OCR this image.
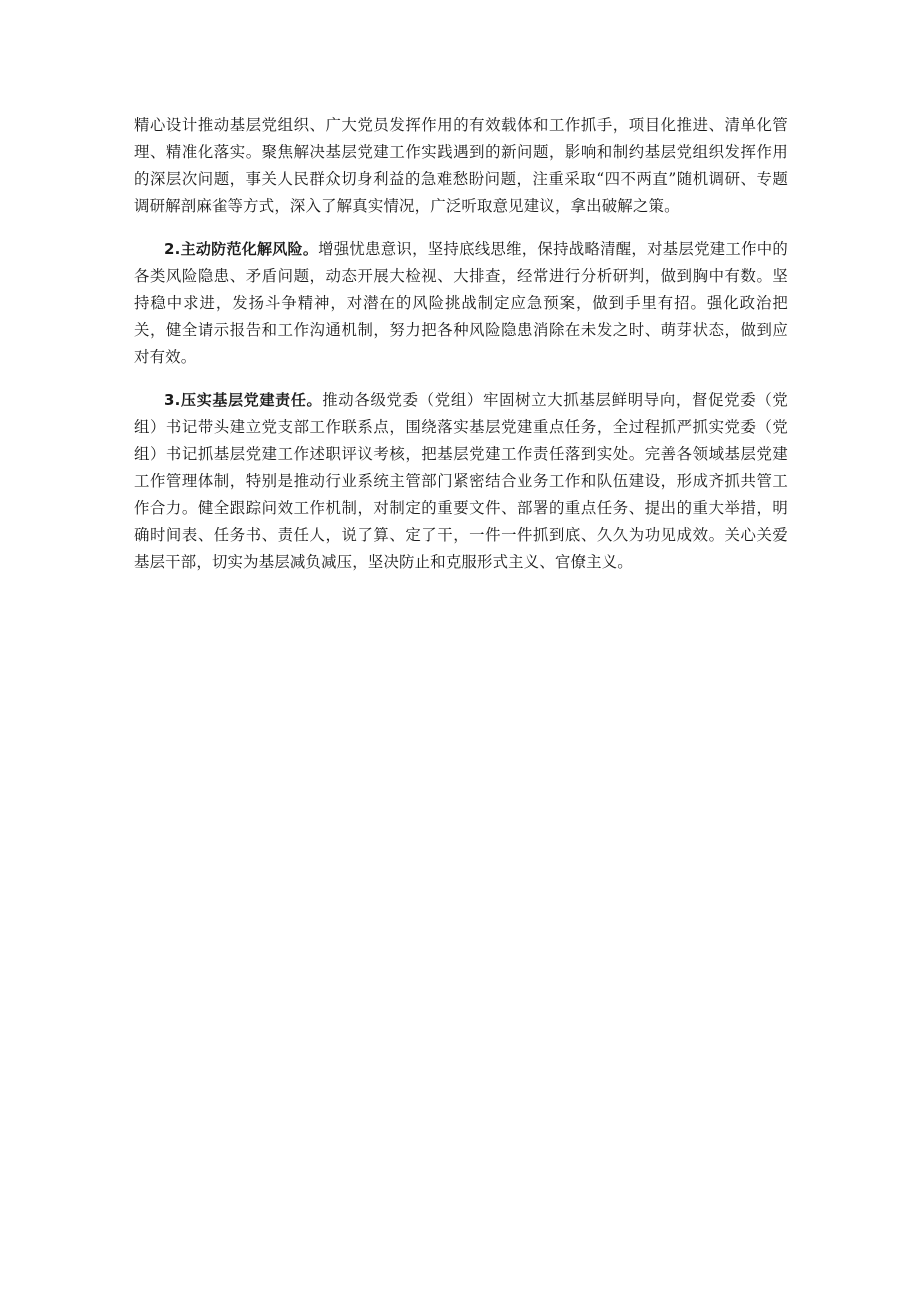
精心设计推动基层党组织、广大党员发挥作用的有效载体和工作抓手，项目化推进、清单化管理、精准化落实。聚焦解决基层党建工作实践遇到的新问题，影响和制约基层党组织发挥作用的深层次问题，事关人民群众切身利益的急难愁盼问题，注重采取“四不两直”随机调研、专题调研解剖麻雀等方式，深入了解真实情况，广泛听取意见建议，拿出破解之策。

2.主动防范化解风险。增强忧患意识，坚持底线思维，保持战略清醒，对基层党建工作中的各类风险隐患、矛盾问题，动态开展大检视、大排查，经常进行分析研判，做到胸中有数。坚持稳中求进，发扬斗争精神，对潜在的风险挑战制定应急预案，做到手里有招。强化政治把关，健全请示报告和工作沟通机制，努力把各种风险隐患消除在未发之时、萌芽状态，做到应对有效。

3.压实基层党建责任。推动各级党委（党组）牢固树立大抓基层鲜明导向，督促党委（党组）书记带头建立党支部工作联系点，围绕落实基层党建重点任务，全过程抓严抓实党委（党组）书记抓基层党建工作述职评议考核，把基层党建工作责任落到实处。完善各领域基层党建工作管理体制，特别是推动行业系统主管部门紧密结合业务工作和队伍建设，形成齐抓共管工作合力。健全跟踪问效工作机制，对制定的重要文件、部署的重点任务、提出的重大举措，明确时间表、任务书、责任人，说了算、定了干，一件一件抓到底、久久为功见成效。关心关爱基层干部，切实为基层减负减压，坚决防止和克服形式主义、官僚主义。
